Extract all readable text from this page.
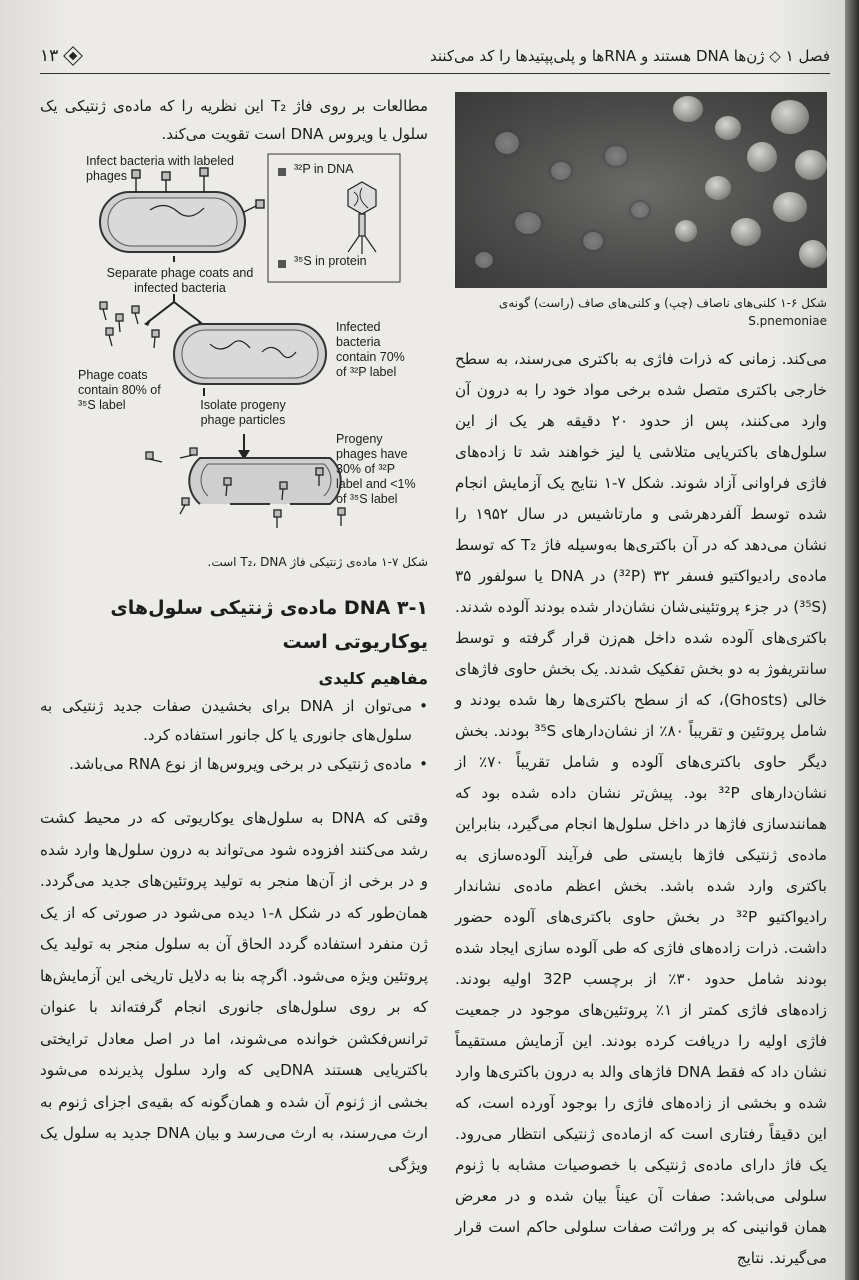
فصل ١ ◇ ژن‌ها DNA هستند و RNAها و پلی‌پپتیدها را کد می‌کنند
١٣
شکل ۶-۱ کلنی‌های ناصاف (چپ) و کلنی‌های صاف (راست) گونه‌ی
S.pnemoniae

می‌کند. زمانی که ذرات فاژی به باکتری می‌رسند، به سطح خارجی باکتری متصل شده برخی مواد خود را به درون آن وارد می‌کنند، پس از حدود ۲۰ دقیقه هر یک از این سلول‌های باکتریایی متلاشی یا لیز خواهند شد تا زاده‌های فاژی فراوانی آزاد شوند. شکل ۷-۱ نتایج یک آزمایش انجام شده توسط آلفردهرشی و مارتاشیس در سال ۱۹۵۲ را نشان می‌دهد که در آن باکتری‌ها به‌وسیله فاژ T₂ که توسط ماده‌ی رادیواکتیو فسفر ۳۲ (³²P) در DNA یا سولفور ۳۵ (³⁵S) در جزء پروتئینی‌شان نشان‌دار شده بودند آلوده شدند. باکتری‌های آلوده شده داخل هم‌زن قرار گرفته و توسط سانتریفوژ به دو بخش تفکیک شدند. یک بخش حاوی فاژهای خالی (Ghosts)، که از سطح باکتری‌ها رها شده بودند و شامل پروتئین و تقریباً ۸۰٪ از نشان‌دارهای ³⁵S بودند. بخش دیگر حاوی باکتری‌های آلوده و شامل تقریباً ۷۰٪ از نشان‌دارهای ³²P بود. پیش‌تر نشان داده شده بود که همانندسازی فاژها در داخل سلول‌ها انجام می‌گیرد، بنابراین ماده‌ی ژنتیکی فاژها بایستی طی فرآیند آلوده‌سازی به باکتری وارد شده باشد. بخش اعظم ماده‌ی نشاندار رادیواکتیو ³²P در بخش حاوی باکتری‌های آلوده حضور داشت. ذرات زاده‌های فاژی که طی آلوده سازی ایجاد شده بودند شامل حدود ۳۰٪ از برچسب 32P اولیه بودند. زاده‌های فاژی کمتر از ۱٪ پروتئین‌های موجود در جمعیت فاژی اولیه را دریافت کرده بودند. این آزمایش مستقیماً نشان داد که فقط DNA فاژهای والد به درون باکتری‌ها وارد شده و بخشی از زاده‌های فاژی را بوجود آورده است، که این دقیقاً رفتاری است که ازماده‌ی ژنتیکی انتظار می‌رود. یک فاژ دارای ماده‌ی ژنتیکی با خصوصیات مشابه با ژنوم سلولی می‌باشد: صفات آن عیناً بیان شده و در معرض همان قوانینی که بر وراثت صفات سلولی حاکم است قرار می‌گیرند. نتایج

مطالعات بر روی فاژ T₂ این نظریه را که ماده‌ی ژنتیکی یک سلول یا ویروس DNA است تقویت می‌کند.

Infect bacteria with labeled phages	³²P in DNA
³⁵S in protein
Separate phage coats and infected bacteria
Infected bacteria contain 70% of ³²P label
Phage coats contain 80% of ³⁵S label	Isolate progeny phage particles
Progeny phages have 30% of ³²P label and <1% of ³⁵S label

شکل ۷-۱ ماده‌ی ژنتیکی فاژ T₂، DNA است.

DNA ۳-۱ ماده‌ی ژنتیکی سلول‌های یوکاریوتی است
مفاهیم کلیدی
• می‌توان از DNA برای بخشیدن صفات جدید ژنتیکی به سلول‌های جانوری یا کل جانور استفاده کرد.
• ماده‌ی ژنتیکی در برخی ویروس‌ها از نوع RNA می‌باشد.

وقتی که DNA به سلول‌های یوکاریوتی که در محیط کشت رشد می‌کنند افزوده شود می‌تواند به درون سلول‌ها وارد شده و در برخی از آن‌ها منجر به تولید پروتئین‌های جدید می‌گردد. همان‌طور که در شکل ۸-۱ دیده می‌شود در صورتی که از یک ژن منفرد استفاده گردد الحاق آن به سلول منجر به تولید یک پروتئین ویژه می‌شود. اگرچه بنا به دلایل تاریخی این آزمایش‌ها که بر روی سلول‌های جانوری انجام گرفته‌اند با عنوان ترانس‌فکشن خوانده می‌شوند، اما در اصل معادل ترایختی باکتریایی هستند DNAیی که وارد سلول پذیرنده می‌شود بخشی از ژنوم آن شده و همان‌گونه که بقیه‌ی اجزای ژنوم به ارث می‌رسند، به ارث می‌رسد و بیان DNA جدید به سلول یک ویژگی
